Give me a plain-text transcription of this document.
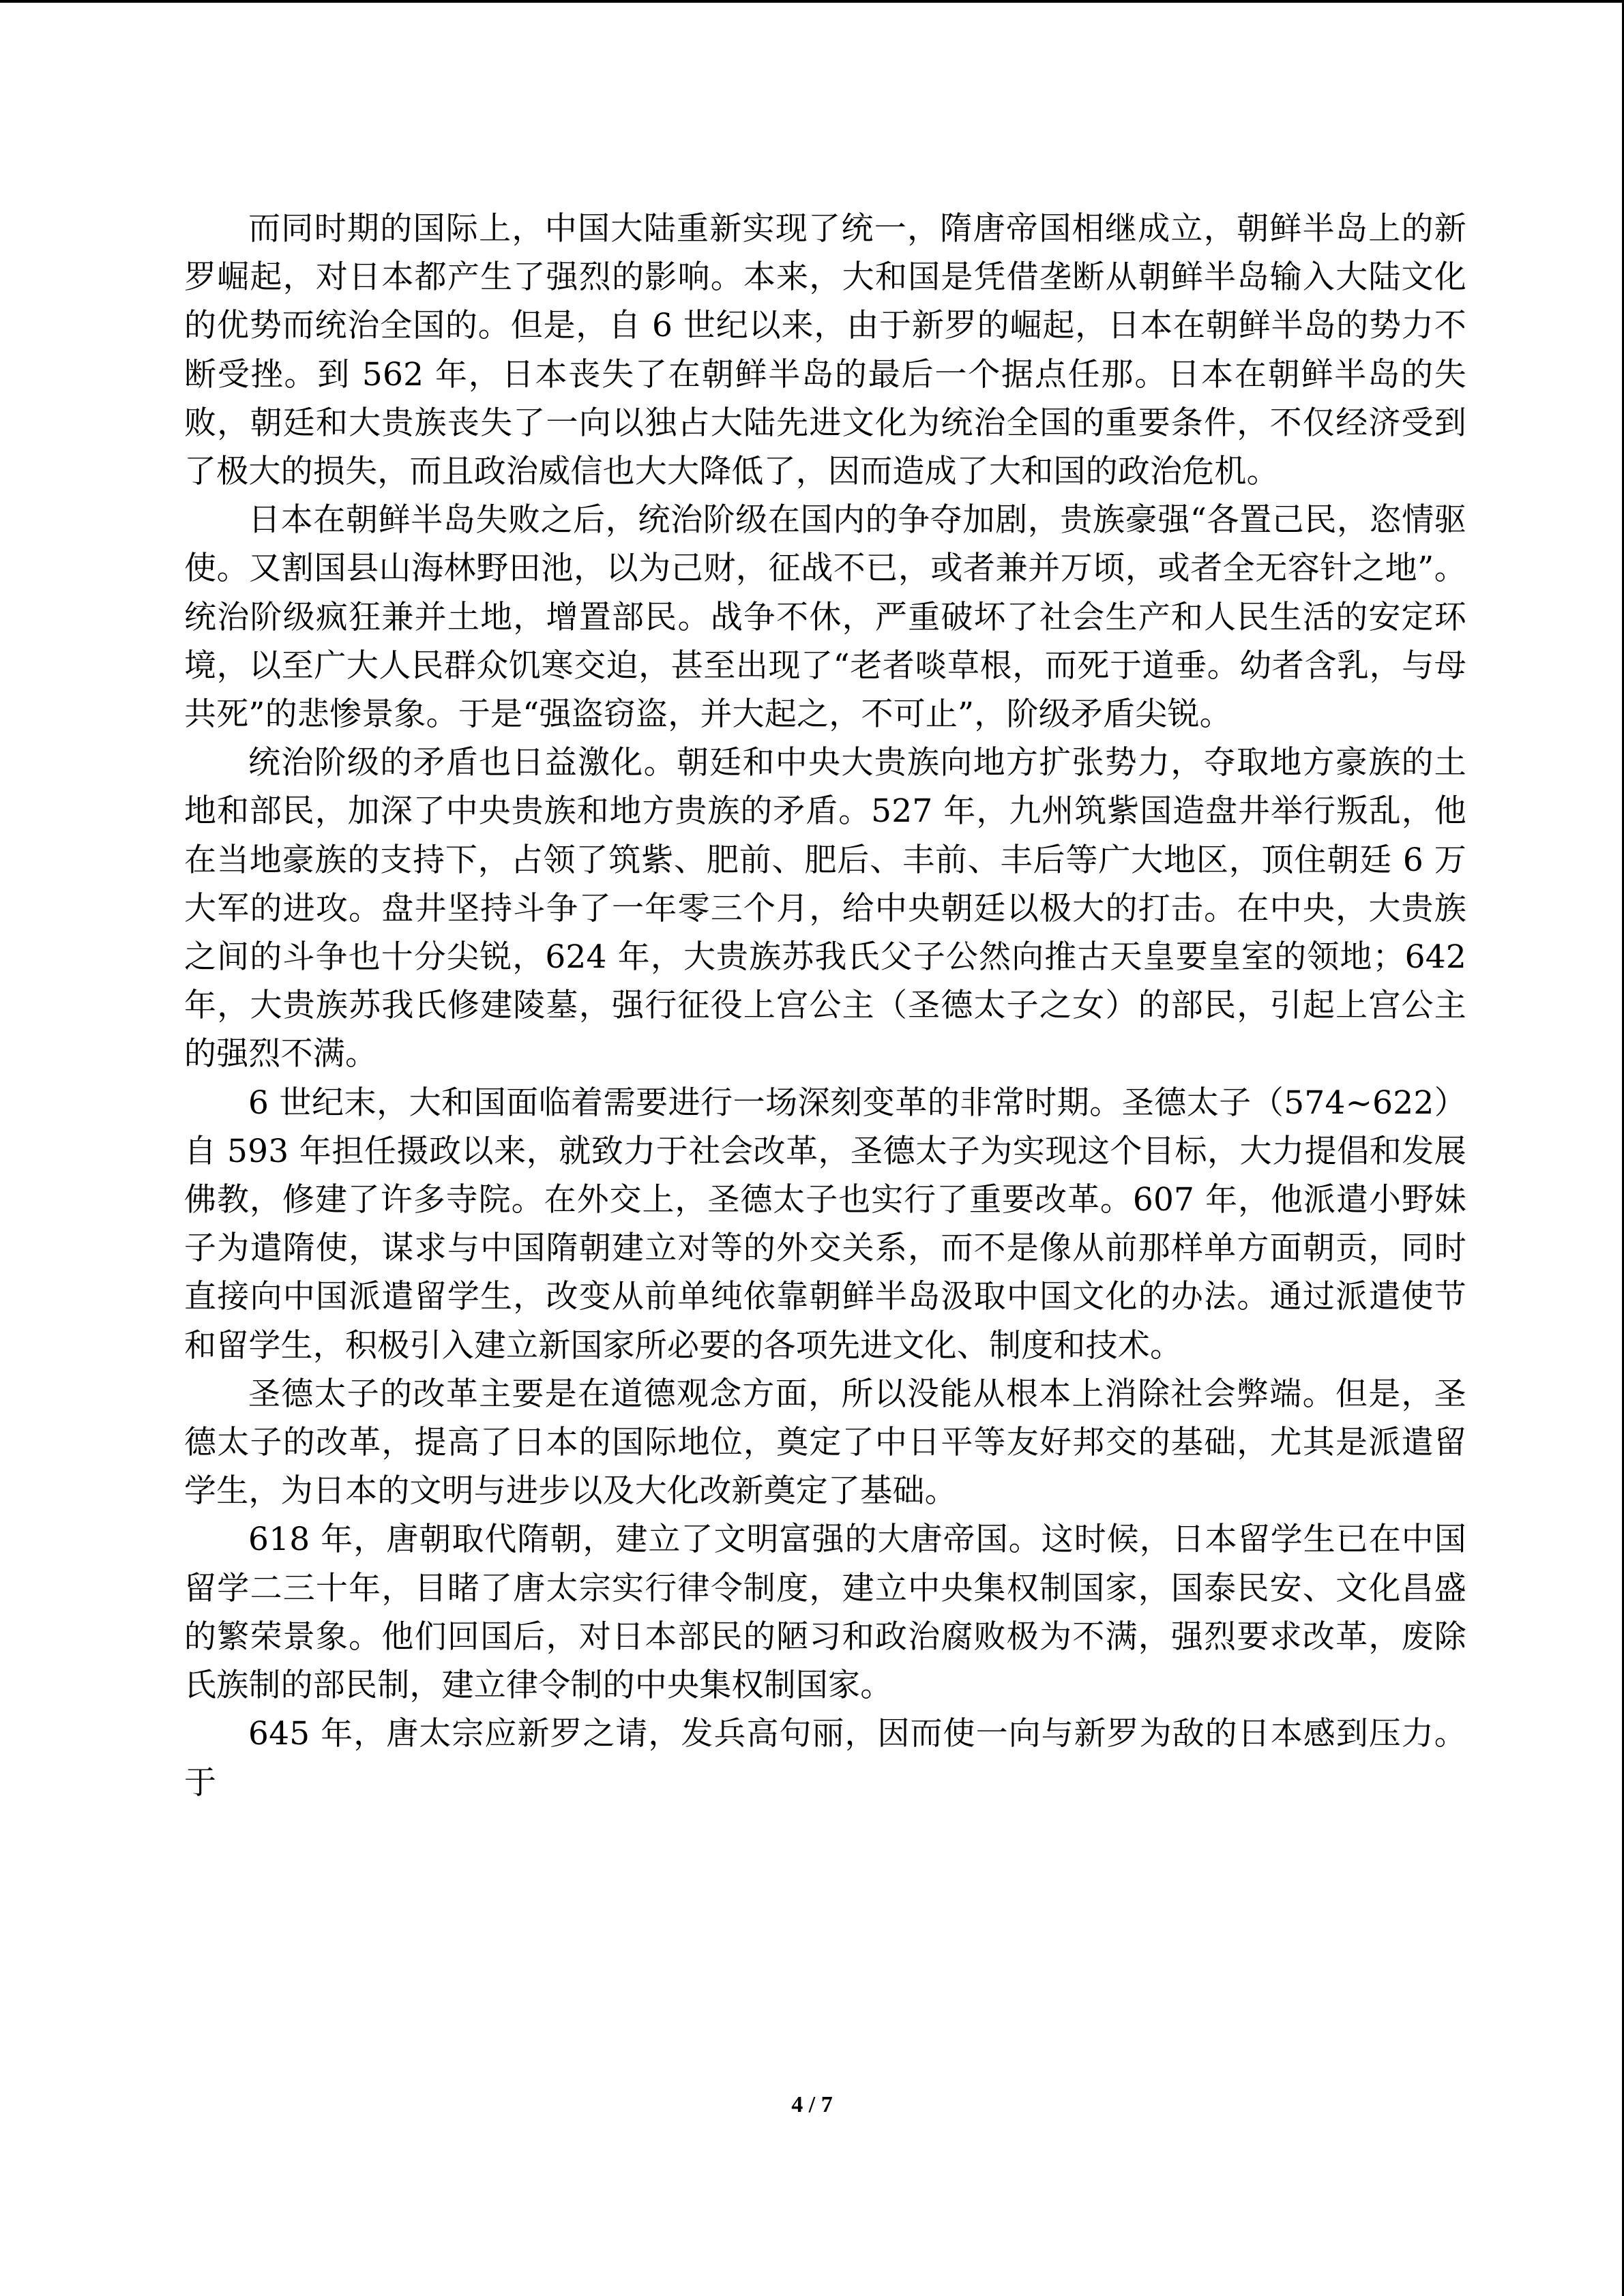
而同时期的国际上，中国大陆重新实现了统一，隋唐帝国相继成立，朝鲜半岛上的新罗崛起，对日本都产生了强烈的影响。本来，大和国是凭借垄断从朝鲜半岛输入大陆文化的优势而统治全国的。但是，自 6 世纪以来，由于新罗的崛起，日本在朝鲜半岛的势力不断受挫。到 562 年，日本丧失了在朝鲜半岛的最后一个据点任那。日本在朝鲜半岛的失败，朝廷和大贵族丧失了一向以独占大陆先进文化为统治全国的重要条件，不仅经济受到了极大的损失，而且政治威信也大大降低了，因而造成了大和国的政治危机。

日本在朝鲜半岛失败之后，统治阶级在国内的争夺加剧，贵族豪强“各置己民，恣情驱使。又割国县山海林野田池，以为己财，征战不已，或者兼并万顷，或者全无容针之地”。统治阶级疯狂兼并土地，增置部民。战争不休，严重破坏了社会生产和人民生活的安定环境，以至广大人民群众饥寒交迫，甚至出现了“老者啖草根，而死于道垂。幼者含乳，与母共死”的悲惨景象。于是“强盗窃盗，并大起之，不可止”，阶级矛盾尖锐。

统治阶级的矛盾也日益激化。朝廷和中央大贵族向地方扩张势力，夺取地方豪族的土地和部民，加深了中央贵族和地方贵族的矛盾。527 年，九州筑紫国造盘井举行叛乱，他在当地豪族的支持下，占领了筑紫、肥前、肥后、丰前、丰后等广大地区，顶住朝廷 6 万大军的进攻。盘井坚持斗争了一年零三个月，给中央朝廷以极大的打击。在中央，大贵族之间的斗争也十分尖锐，624 年，大贵族苏我氏父子公然向推古天皇要皇室的领地；642 年，大贵族苏我氏修建陵墓，强行征役上宫公主（圣德太子之女）的部民，引起上宫公主的强烈不满。

6 世纪末，大和国面临着需要进行一场深刻变革的非常时期。圣德太子（574~622）自 593 年担任摄政以来，就致力于社会改革，圣德太子为实现这个目标，大力提倡和发展佛教，修建了许多寺院。在外交上，圣德太子也实行了重要改革。607 年，他派遣小野妹子为遣隋使，谋求与中国隋朝建立对等的外交关系，而不是像从前那样单方面朝贡，同时直接向中国派遣留学生，改变从前单纯依靠朝鲜半岛汲取中国文化的办法。通过派遣使节和留学生，积极引入建立新国家所必要的各项先进文化、制度和技术。

圣德太子的改革主要是在道德观念方面，所以没能从根本上消除社会弊端。但是，圣德太子的改革，提高了日本的国际地位，奠定了中日平等友好邦交的基础，尤其是派遣留学生，为日本的文明与进步以及大化改新奠定了基础。

618 年，唐朝取代隋朝，建立了文明富强的大唐帝国。这时候，日本留学生已在中国留学二三十年，目睹了唐太宗实行律令制度，建立中央集权制国家，国泰民安、文化昌盛的繁荣景象。他们回国后，对日本部民的陋习和政治腐败极为不满，强烈要求改革，废除氏族制的部民制，建立律令制的中央集权制国家。

645 年，唐太宗应新罗之请，发兵高句丽，因而使一向与新罗为敌的日本感到压力。于

4 / 7
